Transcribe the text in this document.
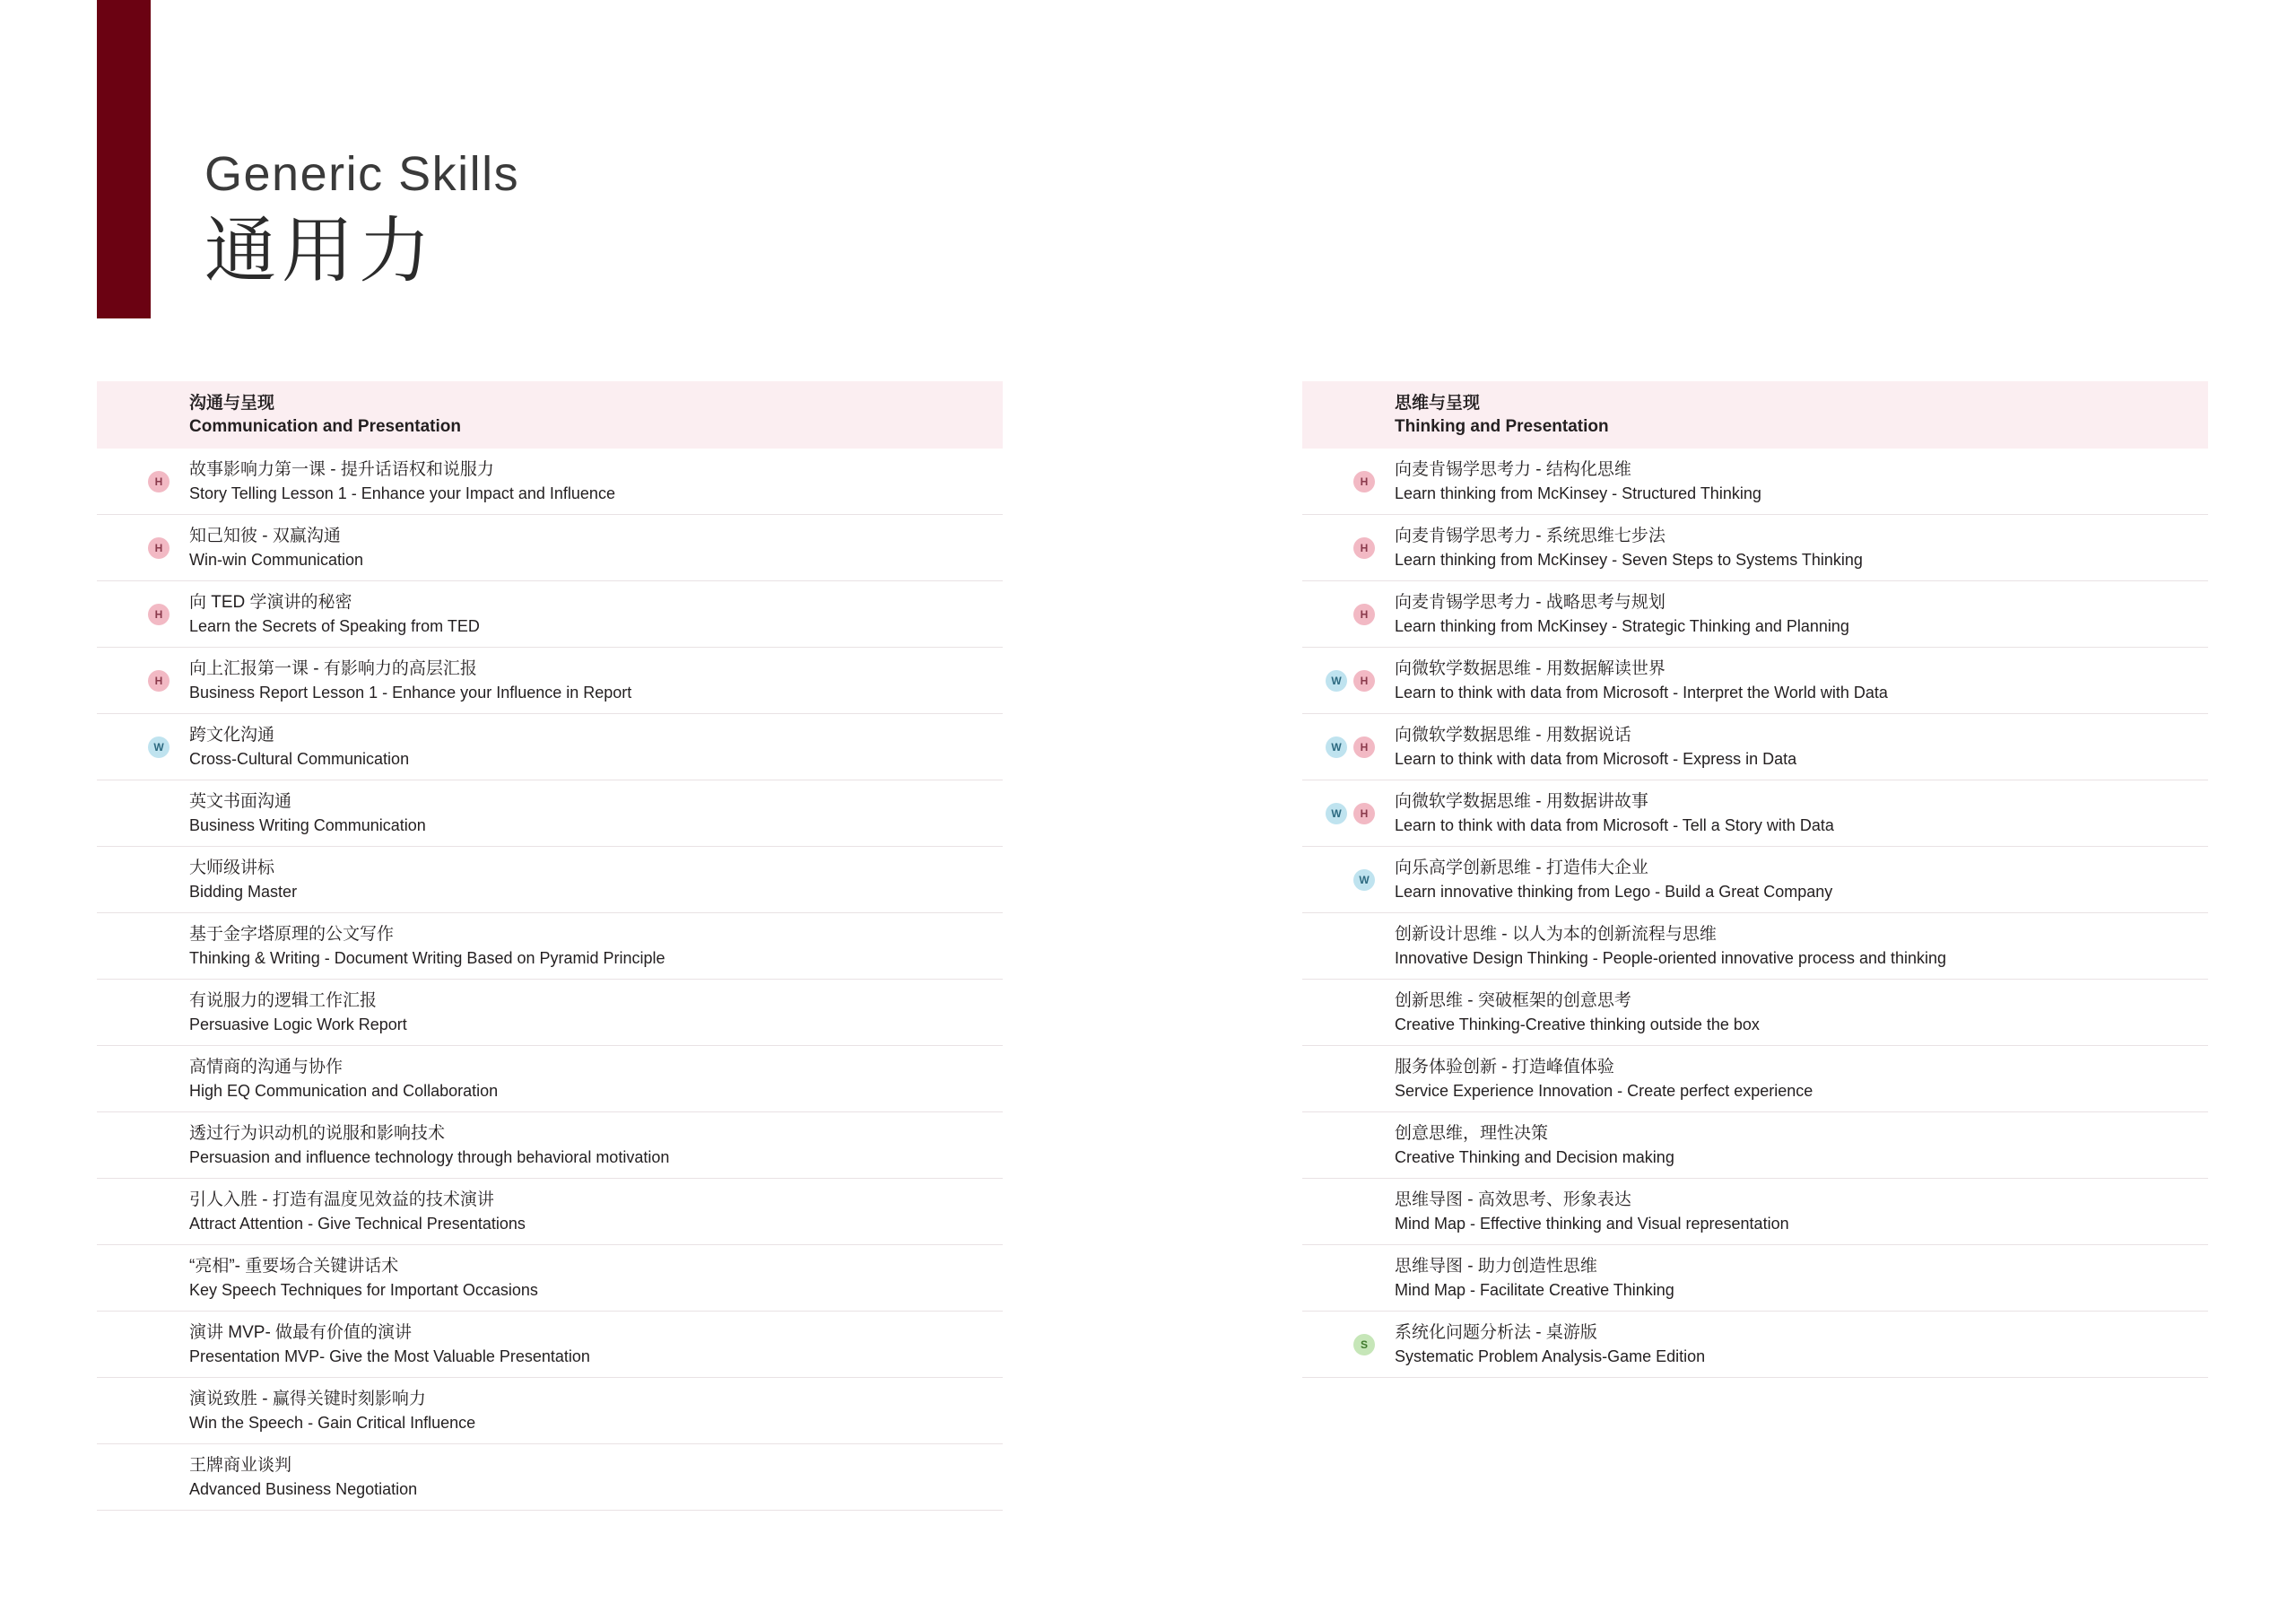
Generic Skills
通用力
沟通与呈现
Communication and Presentation
H
故事影响力第一课 - 提升话语权和说服力
Story Telling Lesson 1 - Enhance your Impact and Influence
H
知己知彼 - 双赢沟通
Win-win Communication
H
向 TED 学演讲的秘密
Learn the Secrets of Speaking from TED
H
向上汇报第一课 - 有影响力的高层汇报
Business Report Lesson 1 - Enhance your Influence in Report
W
跨文化沟通
Cross-Cultural Communication
英文书面沟通
Business Writing Communication
大师级讲标
Bidding Master
基于金字塔原理的公文写作
Thinking & Writing - Document Writing Based on Pyramid Principle
有说服力的逻辑工作汇报
Persuasive Logic Work Report
高情商的沟通与协作
High EQ Communication and Collaboration
透过行为识动机的说服和影响技术
Persuasion and influence technology through behavioral motivation
引人入胜 - 打造有温度见效益的技术演讲
Attract Attention - Give Technical Presentations
“亮相”- 重要场合关键讲话术
Key Speech Techniques for Important Occasions
演讲 MVP- 做最有价值的演讲
Presentation MVP- Give the Most Valuable Presentation
演说致胜 - 赢得关键时刻影响力
Win the Speech - Gain Critical Influence
王牌商业谈判
Advanced Business Negotiation
思维与呈现
Thinking and Presentation
H
向麦肯锡学思考力 - 结构化思维
Learn thinking from McKinsey - Structured Thinking
H
向麦肯锡学思考力 - 系统思维七步法
Learn thinking from McKinsey - Seven Steps to Systems Thinking
H
向麦肯锡学思考力 - 战略思考与规划
Learn thinking from McKinsey - Strategic Thinking and Planning
W	H
向微软学数据思维 - 用数据解读世界
Learn to think with data from Microsoft - Interpret the World with Data
W	H
向微软学数据思维 - 用数据说话
Learn to think with data from Microsoft - Express in Data
W	H
向微软学数据思维 - 用数据讲故事
Learn to think with data from Microsoft - Tell a Story with Data
W
向乐高学创新思维 - 打造伟大企业
Learn innovative thinking from Lego - Build a Great Company
创新设计思维 - 以人为本的创新流程与思维
Innovative Design Thinking - People-oriented innovative process and thinking
创新思维 - 突破框架的创意思考
Creative Thinking-Creative thinking outside the box
服务体验创新 - 打造峰值体验
Service Experience Innovation - Create perfect experience
创意思维，理性决策
Creative Thinking and Decision making
思维导图 - 高效思考、形象表达
Mind Map - Effective thinking and Visual representation
思维导图 - 助力创造性思维
Mind Map - Facilitate Creative Thinking
S
系统化问题分析法 - 桌游版
Systematic Problem Analysis-Game Edition
